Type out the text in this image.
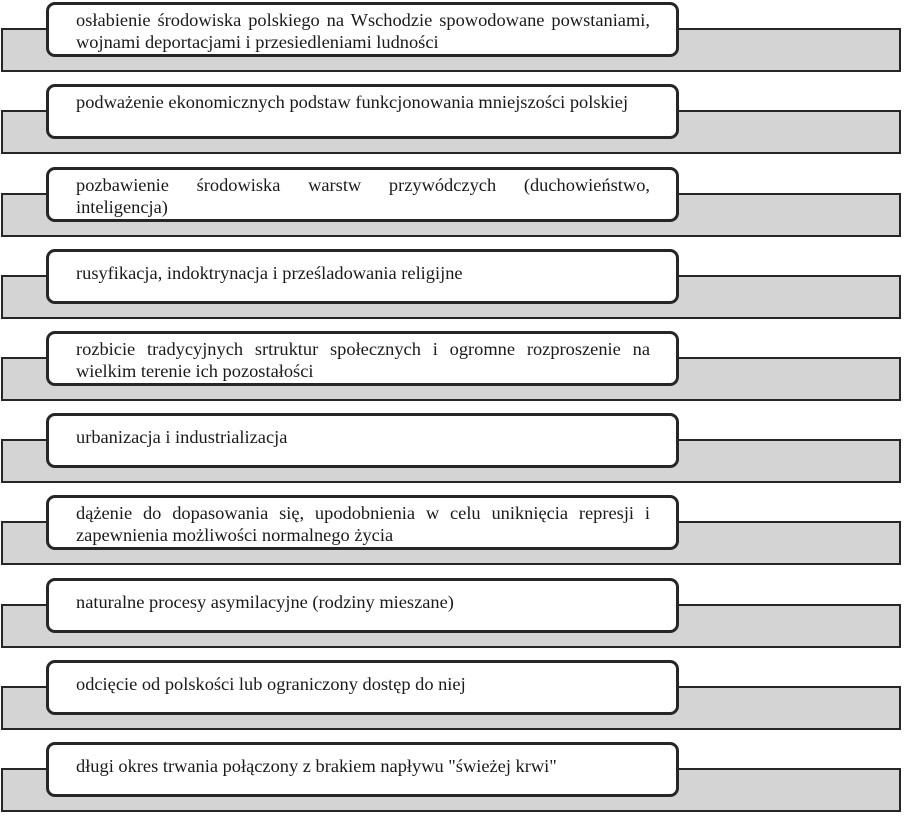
osłabienie środowiska polskiego na Wschodzie spowodowane powstaniami, wojnami deportacjami i przesiedleniami ludności

podważenie ekonomicznych podstaw funkcjonowania mniejszości polskiej

pozbawienie środowiska warstw przywódczych (duchowieństwo, inteligencja)

rusyfikacja, indoktrynacja i prześladowania religijne

rozbicie tradycyjnych srtruktur społecznych i ogromne rozproszenie na wielkim terenie ich pozostałości

urbanizacja i industrializacja

dążenie do dopasowania się, upodobnienia w celu uniknięcia represji i zapewnienia możliwości normalnego życia

naturalne procesy asymilacyjne (rodziny mieszane)

odcięcie od polskości lub ograniczony dostęp do niej

długi okres trwania połączony z brakiem napływu "świeżej krwi"
